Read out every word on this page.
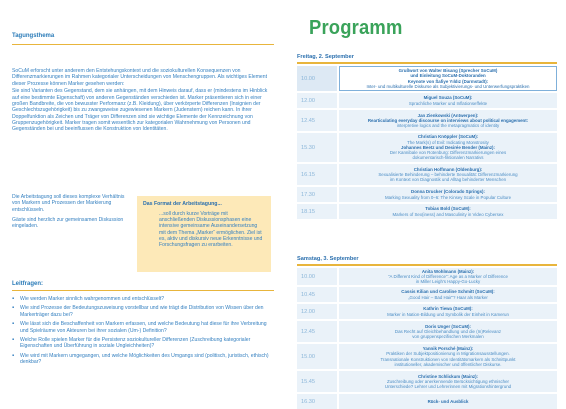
Tagungsthema

SoCuM erforscht unter anderem den Entstehungskontext und die soziokulturellen Konsequenzen von Differenzmarkierungen im Rahmen kategorialer Unterscheidungen von Menschengruppen. Als wichtiges Element dieser Prozesse können Marker gesehen werden:

Sie sind Varianten des Gegenstand, dem sie anhängen, mit dem Hinweis darauf, dass er (mindestens im Hinblick auf eine bestimmte Eigenschaft) von anderen Gegenständen verschieden ist. Marker präsentieren sich in einer großen Bandbreite, die von bewusster Performanz (z.B. Kleidung), über verkörperte Differenzen (Insignien der Geschlechtszugehörigkeit) bis zu zwangsweise zugewiesenen Markern (Judenstern) reichen kann. In ihrer Doppelfunktion als Zeichen und Träger von Differenzen sind sie wichtige Elemente der Kennzeichnung von Gruppenzugehörigkeit. Marker tragen somit wesentlich zur kategorialen Wahrnehmung von Personen und Gegenständen bei und beeinflussen die Konstruktion von Identitäten.

Die Arbeitstagung soll dieses komplexe Verhältnis von Markern und Prozessen der Markierung entschlüsseln.

Gäste sind herzlich zur gemeinsamen Diskussion eingeladen.

Das Format der Arbeitstagung...
...soll durch kurze Vorträge mit anschließenden Diskussionsphasen eine intensive gemeinsame Auseinandersetzung mit dem Thema „Marker“ ermöglichen. Ziel ist es, aktiv und diskursiv neue Erkenntnisse und Forschungsfragen zu erarbeiten.
Leitfragen:
▪ Wie werden Marker sinnlich wahrgenommen und entschlüsselt?
▪ Wie sind Prozesse der Bedeutungszuweisung vorstellbar und wie trägt die Distribution von Wissen über den Markerträger dazu bei?
▪ Wie lässt sich die Beschaffenheit von Markern erfassen, und welche Bedeutung hat diese für ihre Verbreitung und Spielräume von Akteuren bei ihrer sozialen (Um-) Definition?
▪ Welche Rolle spielen Marker für die Persistenz soziokultureller Differenzen (Zuschreibung kategorialer Eigenschaften und Überführung in soziale Ungleichheiten)?
▪ Wie wird mit Markern umgegangen, und welche Möglichkeiten des Umgangs sind (politisch, juristisch, ethisch) denkbar?
Programm
Freitag, 2. September
10.00
Grußwort von Walter Bisang (Sprecher SoCuM)
und Einleitung SoCuM-Doktoranden
Keynote von Šafiye Yıldız (Darmstadt):
Inter- und multikulturelle Diskurse als Subjektivierungs- und Unterwerfungspraktiken
12.00	Miguel Souza (SoCuM):
Sprachliche Marker und Inflationseffekte
12.45
Jan Zienkowski (Antwerpen):
Rearticulating everyday discourse on interviews about political engagement:
interpretive logics and the metapragmatics of identity
15.30
Christian Knöppler (SoCuM):
The Mark(s) of Evil: Indicating Monstrosity
Johannes Beetz und Desirée Bender (Mainz):
Der Kannibale von Rotenburg: Differenzmarkierungen eines
dokumentarisch-fiktionalen Narrativs
16.15
Christian Hoffmann (Oldenburg):
Sexualisierte Behinderung – behinderte Sexualität: Differenzmarkierung
im Kontext von Diagnostik und Alltag behinderter Menschen
17.30	Donna Drucker (Colorado Springs):
Marking Sexuality from 0–6: The Kinsey Scale in Popular Culture
18.15	Tobias Bold (SoCuM):
Markers of Sex(iness) and Masculinity in Video Cybersex
Samstag, 3. September
10.00
Anita Wohlmann (Mainz):
“A Different Kind of Difference”: Age as a Marker of Difference
in Miller Leigh’s Happy-Go-Lucky
10.45	Cassis Kilian und Caroline Schmitt (SoCuM):
„Good Hair – Bad Hair“? Haar als Marker
12.00	Kathrin Tiewa (SoCuM):
Marker in Nation-Bildung und Symbolik der Einheit in Kamerun
12.45
Doris Unger (SoCuM):
Das Recht auf Gleichbehandlung und die (In)Relevanz
von gruppenspezifischen Merkmalen
15.00
Yannik Porsché (Mainz):
Praktiken der Subjektpositionierung in Migrationsausstellungen.
Transnationale Konstruktionen von Identitätsmarkern als Schnittpunkt
institutioneller, akademischer und öffentlicher Diskurse.
15.45
Christine Schlickum (Mainz):
Zuschreibung oder anerkennende Berücksichtigung ethnischer
Unterschiede? Lehrer und Lehrerinnen mit Migrationshintergrund
16.30	Rück- und Ausblick
